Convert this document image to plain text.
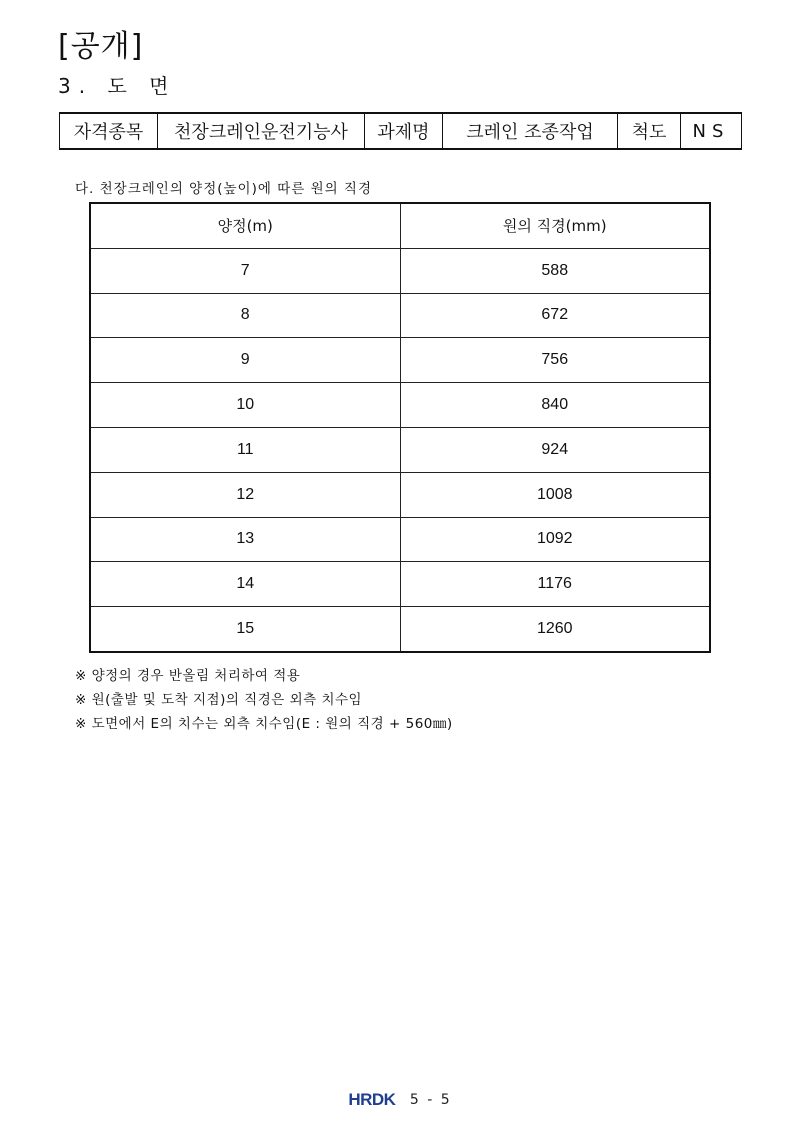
[공개]
3. 도 면
자격종목	천장크레인운전기능사	과제명	크레인 조종작업	척도	NS
다. 천장크레인의 양정(높이)에 따른 원의 직경
양정(m)	원의 직경(mm)
7	588
8	672
9	756
10	840
11	924
12	1008
13	1092
14	1176
15	1260
※ 양정의 경우 반올림 처리하여 적용
※ 원(출발 및 도착 지점)의 직경은 외측 치수임
※ 도면에서 E의 치수는 외측 치수임(E : 원의 직경 + 560㎜)
HRDK 5 - 5
